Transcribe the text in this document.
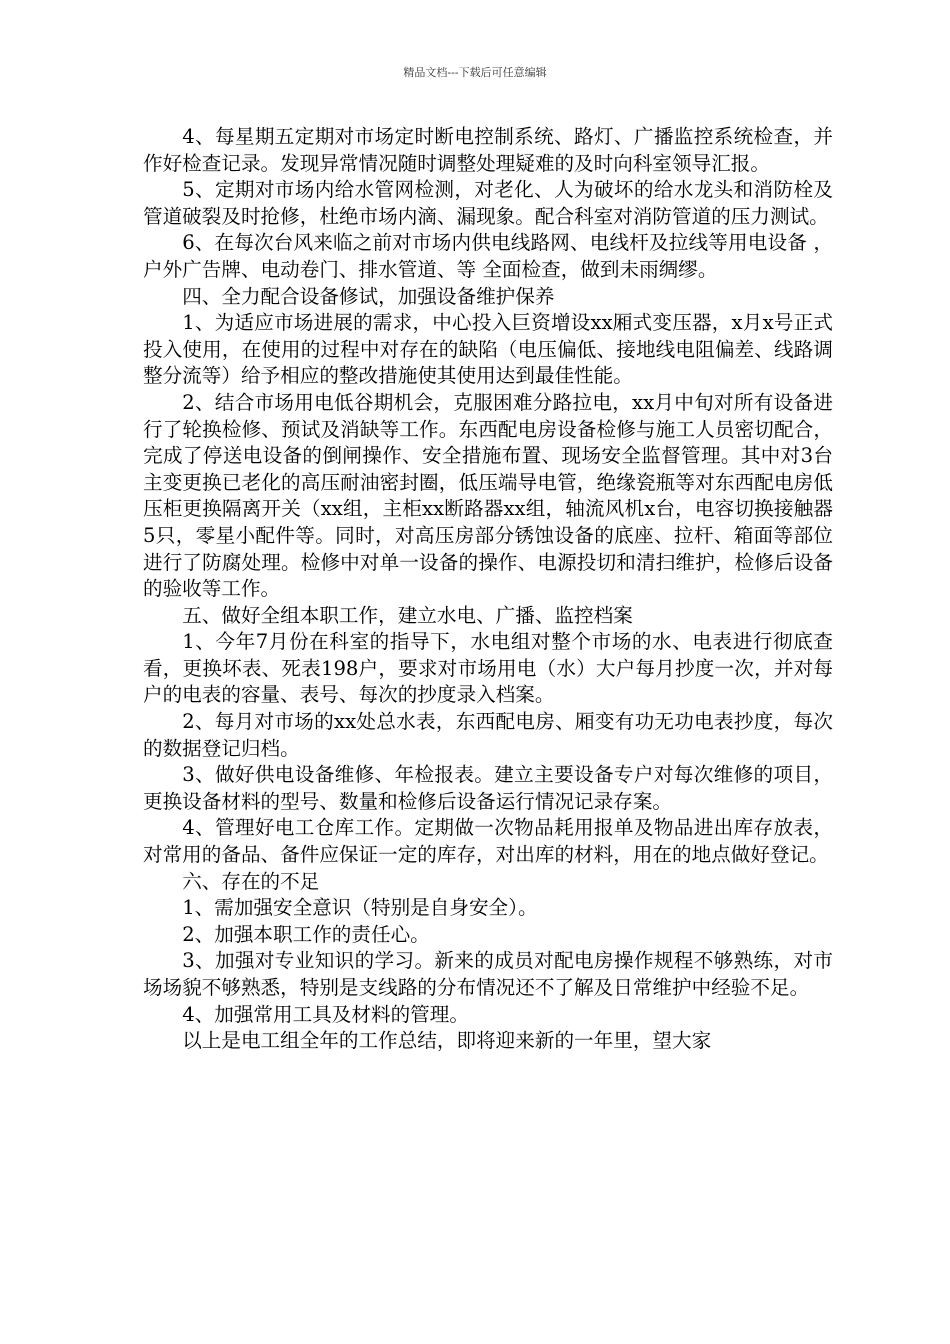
精品文档---下载后可任意编辑

4、每星期五定期对市场定时断电控制系统、路灯、广播监控系统检查，并作好检查记录。发现异常情况随时调整处理疑难的及时向科室领导汇报。

5、定期对市场内给水管网检测，对老化、人为破坏的给水龙头和消防栓及管道破裂及时抢修，杜绝市场内滴、漏现象。配合科室对消防管道的压力测试。

6、在每次台风来临之前对市场内供电线路网、电线杆及拉线等用电设备 ，户外广告牌、电动卷门、排水管道、等 全面检查，做到未雨绸缪。

四、全力配合设备修试，加强设备维护保养

1、为适应市场进展的需求，中心投入巨资增设xx厢式变压器，x月x号正式投入使用，在使用的过程中对存在的缺陷（电压偏低、接地线电阻偏差、线路调整分流等）给予相应的整改措施使其使用达到最佳性能。

2、结合市场用电低谷期机会，克服困难分路拉电，xx月中旬对所有设备进行了轮换检修、预试及消缺等工作。东西配电房设备检修与施工人员密切配合，完成了停送电设备的倒闸操作、安全措施布置、现场安全监督管理。其中对3台主变更换已老化的高压耐油密封圈，低压端导电管，绝缘瓷瓶等对东西配电房低压柜更换隔离开关（xx组，主柜xx断路器xx组，轴流风机x台，电容切换接触器5只，零星小配件等。同时，对高压房部分锈蚀设备的底座、拉杆、箱面等部位进行了防腐处理。检修中对单一设备的操作、电源投切和清扫维护，检修后设备的验收等工作。

五、做好全组本职工作，建立水电、广播、监控档案

1、今年7月份在科室的指导下，水电组对整个市场的水、电表进行彻底查看，更换坏表、死表198户，要求对市场用电（水）大户每月抄度一次，并对每户的电表的容量、表号、每次的抄度录入档案。

2、每月对市场的xx处总水表，东西配电房、厢变有功无功电表抄度，每次的数据登记归档。

3、做好供电设备维修、年检报表。建立主要设备专户对每次维修的项目，更换设备材料的型号、数量和检修后设备运行情况记录存案。

4、管理好电工仓库工作。定期做一次物品耗用报单及物品进出库存放表，对常用的备品、备件应保证一定的库存，对出库的材料，用在的地点做好登记。

六、存在的不足

1、需加强安全意识（特别是自身安全）。

2、加强本职工作的责任心。

3、加强对专业知识的学习。新来的成员对配电房操作规程不够熟练，对市场场貌不够熟悉，特别是支线路的分布情况还不了解及日常维护中经验不足。

4、加强常用工具及材料的管理。

以上是电工组全年的工作总结，即将迎来新的一年里，望大家
